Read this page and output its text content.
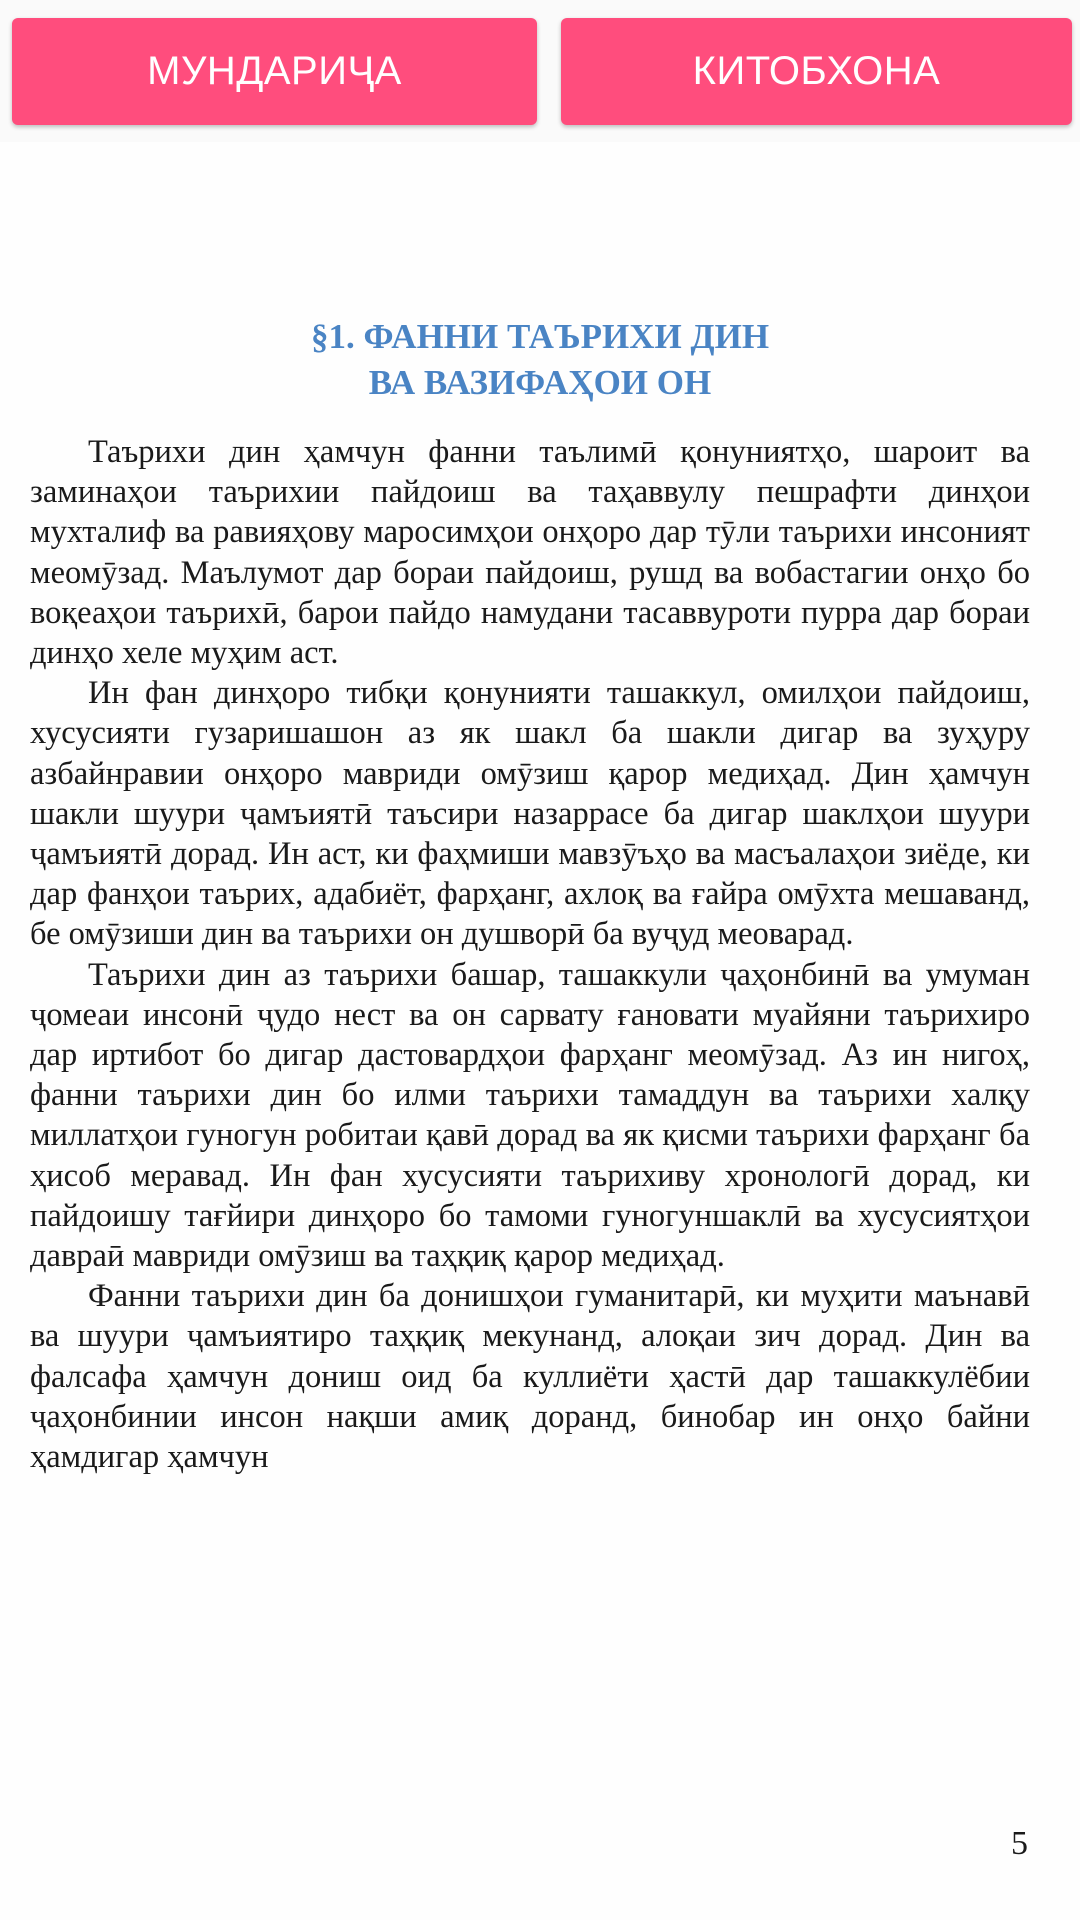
МУНДАРИҶА	КИТОБХОНА
§1. ФАННИ ТАЪРИХИ ДИН
ВА ВАЗИФАҲОИ ОН

Таърихи дин ҳамчун фанни таълимӣ қонуниятҳо, шароит ва заминаҳои таърихии пайдоиш ва таҳаввулу пешрафти динҳои мухталиф ва равияҳову маросимҳои онҳоро дар тӯли таърихи инсоният меомӯзад. Маълумот дар бораи пайдоиш, рушд ва вобастагии онҳо бо воқеаҳои таърихӣ, барои пайдо намудани тасаввуроти пурра дар бораи динҳо хеле муҳим аст.

Ин фан динҳоро тибқи қонунияти ташаккул, омилҳои пайдоиш, хусусияти гузаришашон аз як шакл ба шакли дигар ва зуҳуру азбайнравии онҳоро мавриди омӯзиш қарор медиҳад. Дин ҳамчун шакли шуури ҷамъиятӣ таъсири назаррасе ба дигар шаклҳои шуури ҷамъиятӣ дорад. Ин аст, ки фаҳмиши мавзӯъҳо ва масъалаҳои зиёде, ки дар фанҳои таърих, адабиёт, фарҳанг, ахлоқ ва ғайра омӯхта мешаванд, бе омӯзиши дин ва таърихи он душворӣ ба вуҷуд меоварад.

Таърихи дин аз таърихи башар, ташаккули ҷаҳонбинӣ ва умуман ҷомеаи инсонӣ ҷудо нест ва он сарвату ғановати муайяни таърихиро дар иртибот бо дигар дастовардҳои фарҳанг меомӯзад. Аз ин нигоҳ, фанни таърихи дин бо илми таърихи тамаддун ва таърихи халқу миллатҳои гуногун робитаи қавӣ дорад ва як қисми таърихи фарҳанг ба ҳисоб меравад. Ин фан хусусияти таърихиву хронологӣ дорад, ки пайдоишу тағйири динҳоро бо тамоми гуногуншаклӣ ва хусусиятҳои давраӣ мавриди омӯзиш ва таҳқиқ қарор медиҳад.

Фанни таърихи дин ба донишҳои гуманитарӣ, ки муҳити маънавӣ ва шуури ҷамъиятиро таҳқиқ мекунанд, алоқаи зич дорад. Дин ва фалсафа ҳамчун дониш оид ба куллиёти ҳастӣ дар ташаккулёбии ҷаҳонбинии инсон нақши амиқ доранд, бинобар ин онҳо байни ҳамдигар ҳамчун

5
